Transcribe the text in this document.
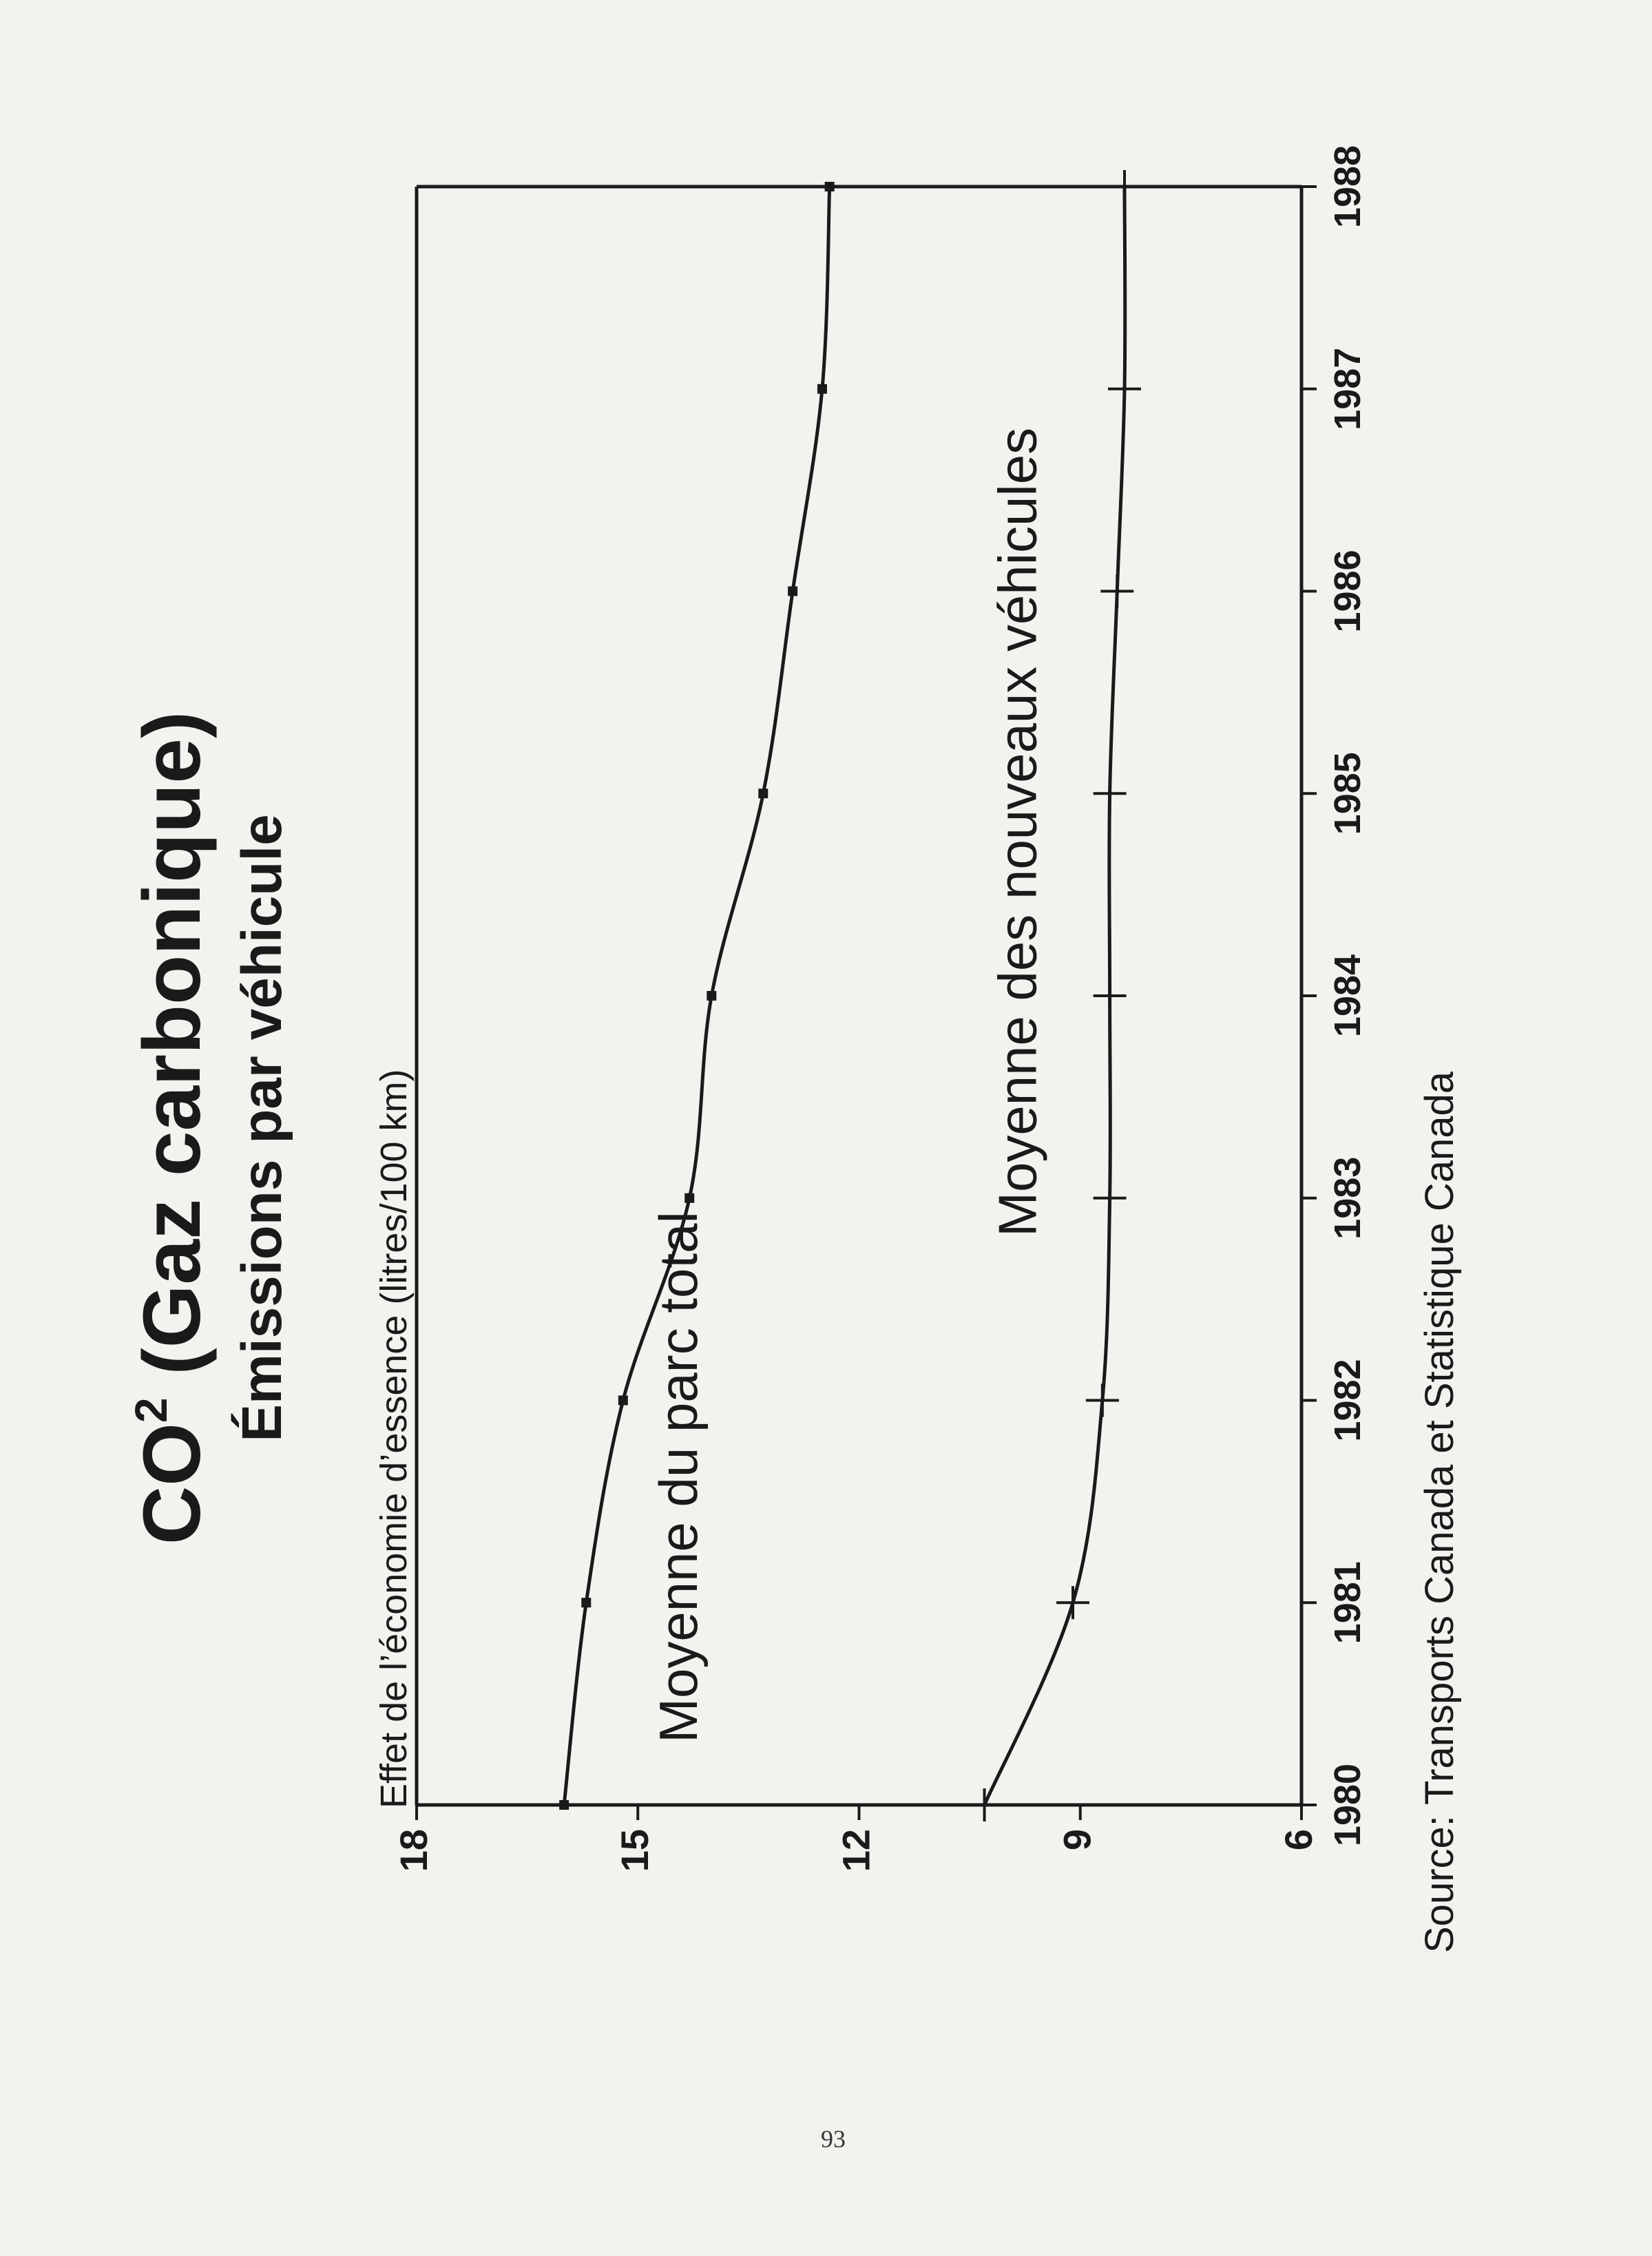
$CO^2$ (Gaz carbonique) Émissions par véhicule Effet de l’économie d’essence (litres/100 km)
6
9
12
15
18
1980
1981
1982
1983
1984
1985
1986
1987
1988
Moyenne du parc total
Moyenne des nouveaux véhicules
Source: Transports Canada et Statistique Canada
93
